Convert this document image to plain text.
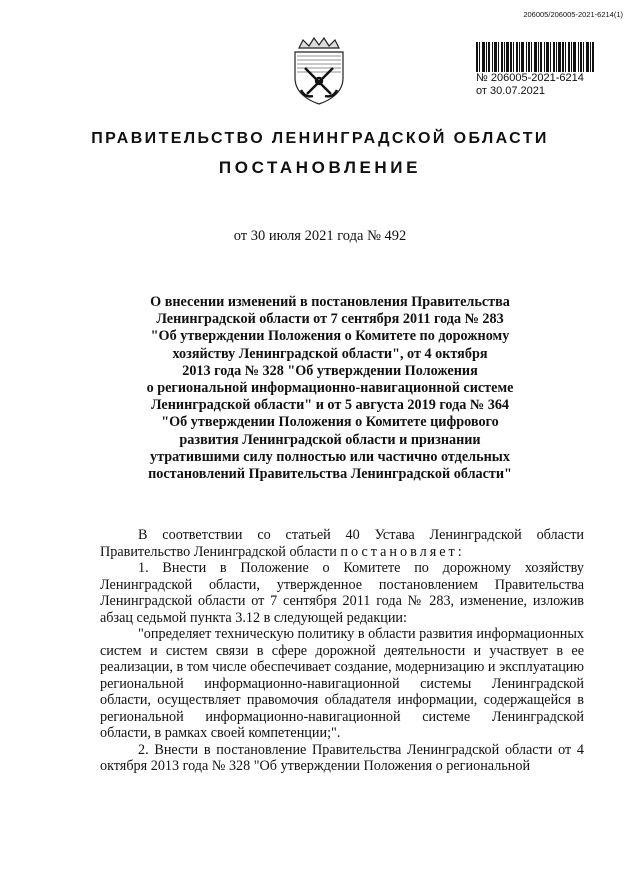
206005/206005-2021-6214(1)
№ 206005-2021-6214
от 30.07.2021
ПРАВИТЕЛЬСТВО ЛЕНИНГРАДСКОЙ ОБЛАСТИ
ПОСТАНОВЛЕНИЕ
от 30 июля 2021 года № 492
О внесении изменений в постановления Правительства
Ленинградской области от 7 сентября 2011 года № 283
"Об утверждении Положения о Комитете по дорожному
хозяйству Ленинградской области", от 4 октября
2013 года № 328 "Об утверждении Положения
о региональной информационно-навигационной системе
Ленинградской области" и от 5 августа 2019 года № 364
"Об утверждении Положения о Комитете цифрового
развития Ленинградской области и признании
утратившими силу полностью или частично отдельных
постановлений Правительства Ленинградской области"

В соответствии со статьей 40 Устава Ленинградской области Правительство Ленинградской области постановляет:

1. Внести в Положение о Комитете по дорожному хозяйству Ленинградской области, утвержденное постановлением Правительства Ленинградской области от 7 сентября 2011 года № 283, изменение, изложив абзац седьмой пункта 3.12 в следующей редакции:

"определяет техническую политику в области развития информационных систем и систем связи в сфере дорожной деятельности и участвует в ее реализации, в том числе обеспечивает создание, модернизацию и эксплуатацию региональной информационно-навигационной системы Ленинградской области, осуществляет правомочия обладателя информации, содержащейся в региональной информационно-навигационной системе Ленинградской области, в рамках своей компетенции;".

2. Внести в постановление Правительства Ленинградской области от 4 октября 2013 года № 328 "Об утверждении Положения о региональной
